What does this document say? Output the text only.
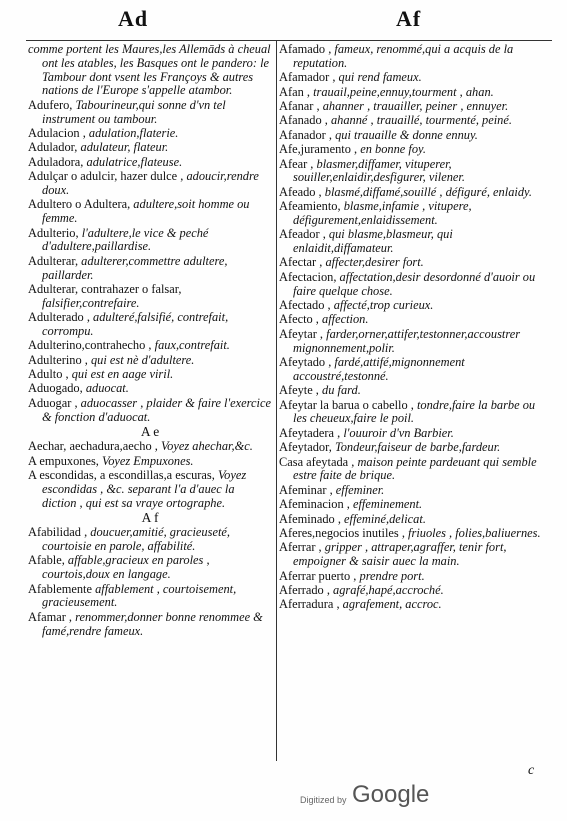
Ad	Af
comme portent les Maures,les Allemāds à cheual ont les atables, les Basques ont le pandero: le Tambour dont vsent les Françoys & autres nations de l'Europe s'appelle atambor.
Adufero, Tabourineur,qui sonne d'vn tel instrument ou tambour.
Adulacion , adulation,flaterie.
Adulador, adulateur, flateur.
Aduladora, adulatrice,flateuse.
Adulçar o adulcir, hazer dulce , adoucir,rendre doux.
Adultero o Adultera, adultere,soit homme ou femme.
Adulterio, l'adultere,le vice & peché d'adultere,paillardise.
Adulterar, adulterer,commettre adultere, paillarder.
Adulterar, contrahazer o falsar, falsifier,contrefaire.
Adulterado , adulteré,falsifié, contrefait, corrompu.
Adulterino,contrahecho , faux,contrefait.
Adulterino , qui est nè d'adultere.
Adulto , qui est en aage viril.
Aduogado, aduocat.
Aduogar , aduocasser , plaider & faire l'exercice & fonction d'aduocat.
A e
Aechar, aechadura,aecho , Voyez ahechar,&c.
A empuxones, Voyez Empuxones.
A escondidas, a escondillas,a escuras, Voyez escondidas , &c. separant l'a d'auec la diction , qui est sa vraye ortographe.
A f
Afabilidad , doucuer,amitié, gracieuseté, courtoisie en parole, affabilité.
Afable, affable,gracieux en paroles , courtois,doux en langage.
Afablemente affablement , courtoisement, gracieusement.
Afamar , renommer,donner bonne renommee & famé,rendre fameux.
Afamado , fameux, renommé,qui a acquis de la reputation.
Afamador , qui rend fameux.
Afan , trauail,peine,ennuy,tourment , ahan.
Afanar , ahanner , trauailler, peiner , ennuyer.
Afanado , ahanné , trauaillé, tourmenté, peiné.
Afanador , qui trauaille & donne ennuy.
Afe,juramento , en bonne foy.
Afear , blasmer,diffamer, vituperer, souiller,enlaidir,desfigurer, vilener.
Afeado , blasmé,diffamé,souillé , défiguré, enlaidy.
Afeamiento, blasme,infamie , vitupere, défigurement,enlaidissement.
Afeador , qui blasme,blasmeur, qui enlaidit,diffamateur.
Afectar , affecter,desirer fort.
Afectacion, affectation,desir desordonné d'auoir ou faire quelque chose.
Afectado , affecté,trop curieux.
Afecto , affection.
Afeytar , farder,orner,attifer,testonner,accoustrer mignonnement,polir.
Afeytado , fardé,attifé,mignonnement accoustré,testonné.
Afeyte , du fard.
Afeytar la barua o cabello , tondre,faire la barbe ou les cheueux,faire le poil.
Afeytadera , l'ouuroir d'vn Barbier.
Afeytador, Tondeur,faiseur de barbe,fardeur.
Casa afeytada , maison peinte pardeuant qui semble estre faite de brique.
Afeminar , effeminer.
Afeminacion , effeminement.
Afeminado , effeminé,delicat.
Aferes,negocios inutiles , friuoles , folies,baliuernes.
Aferrar , gripper , attraper,agraffer, tenir fort, empoigner & saisir auec la main.
Aferrar puerto , prendre port.
Aferrado , agrafé,hapé,accroché.
Aferradura , agrafement, accroc.
c
Digitized by Google
